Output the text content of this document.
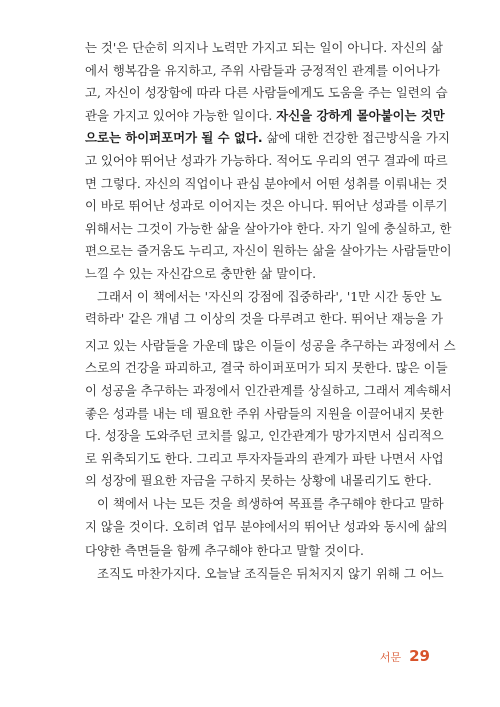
는 것'은 단순히 의지나 노력만 가지고 되는 일이 아니다. 자신의 삶
에서 행복감을 유지하고, 주위 사람들과 긍정적인 관계를 이어나가
고, 자신이 성장함에 따라 다른 사람들에게도 도움을 주는 일련의 습
관을 가지고 있어야 가능한 일이다. 자신을 강하게 몰아붙이는 것만
으로는 하이퍼포머가 될 수 없다. 삶에 대한 건강한 접근방식을 가지
고 있어야 뛰어난 성과가 가능하다. 적어도 우리의 연구 결과에 따르
면 그렇다. 자신의 직업이나 관심 분야에서 어떤 성취를 이뤄내는 것
이 바로 뛰어난 성과로 이어지는 것은 아니다. 뛰어난 성과를 이루기
위해서는 그것이 가능한 삶을 살아가야 한다. 자기 일에 충실하고, 한
편으로는 즐거움도 누리고, 자신이 원하는 삶을 살아가는 사람들만이
느낄 수 있는 자신감으로 충만한 삶 말이다.
그래서 이 책에서는 '자신의 강점에 집중하라', '1만 시간 동안 노
력하라' 같은 개념 그 이상의 것을 다루려고 한다. 뛰어난 재능을 가
지고 있는 사람들을 가운데 많은 이들이 성공을 추구하는 과정에서 스
스로의 건강을 파괴하고, 결국 하이퍼포머가 되지 못한다. 많은 이들
이 성공을 추구하는 과정에서 인간관계를 상실하고, 그래서 계속해서
좋은 성과를 내는 데 필요한 주위 사람들의 지원을 이끌어내지 못한
다. 성장을 도와주던 코치를 잃고, 인간관계가 망가지면서 심리적으
로 위축되기도 한다. 그리고 투자자들과의 관계가 파탄 나면서 사업
의 성장에 필요한 자금을 구하지 못하는 상황에 내몰리기도 한다.
이 책에서 나는 모든 것을 희생하여 목표를 추구해야 한다고 말하
지 않을 것이다. 오히려 업무 분야에서의 뛰어난 성과와 동시에 삶의
다양한 측면들을 함께 추구해야 한다고 말할 것이다.
조직도 마찬가지다. 오늘날 조직들은 뒤처지지 않기 위해 그 어느
서문 29
